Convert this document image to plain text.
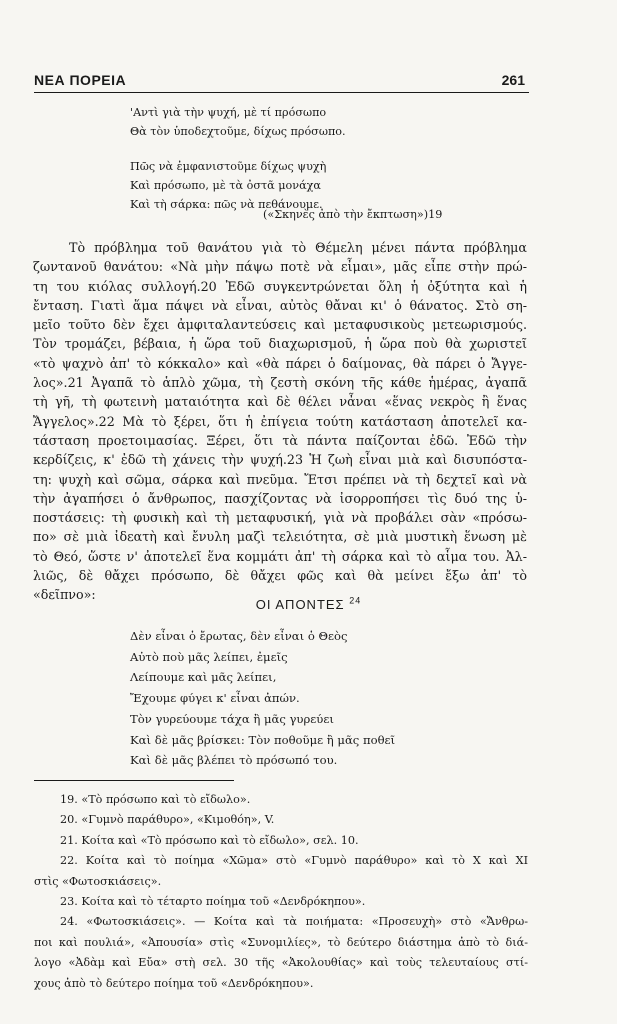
ΝΕΑ ΠΟΡΕΙΑ	261
'Αντὶ γιὰ τὴν ψυχή, μὲ τί πρόσωπο
Θὰ τὸν ὑποδεχτοῦμε, δίχως πρόσωπο.
Πῶς νὰ ἐμφανιστοῦμε δίχως ψυχὴ
Καὶ πρόσωπο, μὲ τὰ ὀστᾶ μονάχα
Καὶ τὴ σάρκα: πῶς νὰ πεθάνουμε.
(«Σκηνὲς ἀπὸ τὴν ἔκπτωση»)19
Τὸ πρόβλημα τοῦ θανάτου γιὰ τὸ Θέμελη μένει πάντα πρόβλημα
ζωντανοῦ θανάτου: «Νὰ μὴν πάψω ποτὲ νὰ εἶμαι», μᾶς εἶπε στὴν πρώ-
τη του κιόλας συλλογή.20 Ἐδῶ συγκεντρώνεται ὅλη ἡ ὀξύτητα καὶ ἡ
ἔνταση. Γιατὶ ἅμα πάψει νὰ εἶναι, αὐτὸς θἄναι κι' ὁ θάνατος. Στὸ ση-
μεῖο τοῦτο δὲν ἔχει ἀμφιταλαντεύσεις καὶ μεταφυσικοὺς μετεωρισμούς.
Τὸν τρομάζει, βέβαια, ἡ ὥρα τοῦ διαχωρισμοῦ, ἡ ὥρα ποὺ θὰ χωριστεῖ
«τὸ ψαχνὸ ἀπ' τὸ κόκκαλο» καὶ «θὰ πάρει ὁ δαίμονας, θὰ πάρει ὁ Ἄγγε-
λος».21 Ἀγαπᾶ τὸ ἁπλὸ χῶμα, τὴ ζεστὴ σκόνη τῆς κάθε ἡμέρας, ἀγαπᾶ
τὴ γῆ, τὴ φωτεινὴ ματαιότητα καὶ δὲ θέλει νἆναι «ἕνας νεκρὸς ἢ ἕνας
Ἄγγελος».22 Μὰ τὸ ξέρει, ὅτι ἡ ἐπίγεια τούτη κατάσταση ἀποτελεῖ κα-
τάσταση προετοιμασίας. Ξέρει, ὅτι τὰ πάντα παίζονται ἐδῶ. Ἐδῶ τὴν
κερδίζεις, κ' ἐδῶ τὴ χάνεις τὴν ψυχή.23 Ἡ ζωὴ εἶναι μιὰ καὶ δισυπόστα-
τη: ψυχὴ καὶ σῶμα, σάρκα καὶ πνεῦμα. Ἔτσι πρέπει νὰ τὴ δεχτεῖ καὶ νὰ
τὴν ἀγαπήσει ὁ ἄνθρωπος, πασχίζοντας νὰ ἰσορροπήσει τὶς δυό της ὑ-
ποστάσεις: τὴ φυσικὴ καὶ τὴ μεταφυσική, γιὰ νὰ προβάλει σὰν «πρόσω-
πο» σὲ μιὰ ἰδεατὴ καὶ ἔνυλη μαζὶ τελειότητα, σὲ μιὰ μυστικὴ ἕνωση μὲ
τὸ Θεό, ὥστε ν' ἀποτελεῖ ἕνα κομμάτι ἀπ' τὴ σάρκα καὶ τὸ αἷμα του. Ἀλ-
λιῶς, δὲ θἄχει πρόσωπο, δὲ θἄχει φῶς καὶ θὰ μείνει ἔξω ἀπ' τὸ
«δεῖπνο»:
ΟΙ ΑΠΟΝΤΕΣ $^{24}$
Δὲν εἶναι ὁ ἔρωτας, δὲν εἶναι ὁ Θεὸς
Αὐτὸ ποὺ μᾶς λείπει, ἐμεῖς
Λείπουμε καὶ μᾶς λείπει,
Ἔχουμε φύγει κ' εἶναι ἀπών.
Τὸν γυρεύουμε τάχα ἢ μᾶς γυρεύει
Καὶ δὲ μᾶς βρίσκει: Τὸν ποθοῦμε ἢ μᾶς ποθεῖ
Καὶ δὲ μᾶς βλέπει τὸ πρόσωπό του.
19. «Τὸ πρόσωπο καὶ τὸ εἴδωλο».
20. «Γυμνὸ παράθυρο», «Κιμοθόη», V.
21. Κοίτα καὶ «Τὸ πρόσωπο καὶ τὸ εἴδωλο», σελ. 10.
22. Κοίτα καὶ τὸ ποίημα «Χῶμα» στὸ «Γυμνὸ παράθυρο» καὶ τὸ X καὶ XI
στὶς «Φωτοσκιάσεις».
23. Κοίτα καὶ τὸ τέταρτο ποίημα τοῦ «Δενδρόκηπου».
24. «Φωτοσκιάσεις». — Κοίτα καὶ τὰ ποιήματα: «Προσευχὴ» στὸ «Ἄνθρω-
ποι καὶ πουλιά», «Ἀπουσία» στὶς «Συνομιλίες», τὸ δεύτερο διάστημα ἀπὸ τὸ διά-
λογο «Ἀδὰμ καὶ Εὔα» στὴ σελ. 30 τῆς «Ἀκολουθίας» καὶ τοὺς τελευταίους στί-
χους ἀπὸ τὸ δεύτερο ποίημα τοῦ «Δενδρόκηπου».
